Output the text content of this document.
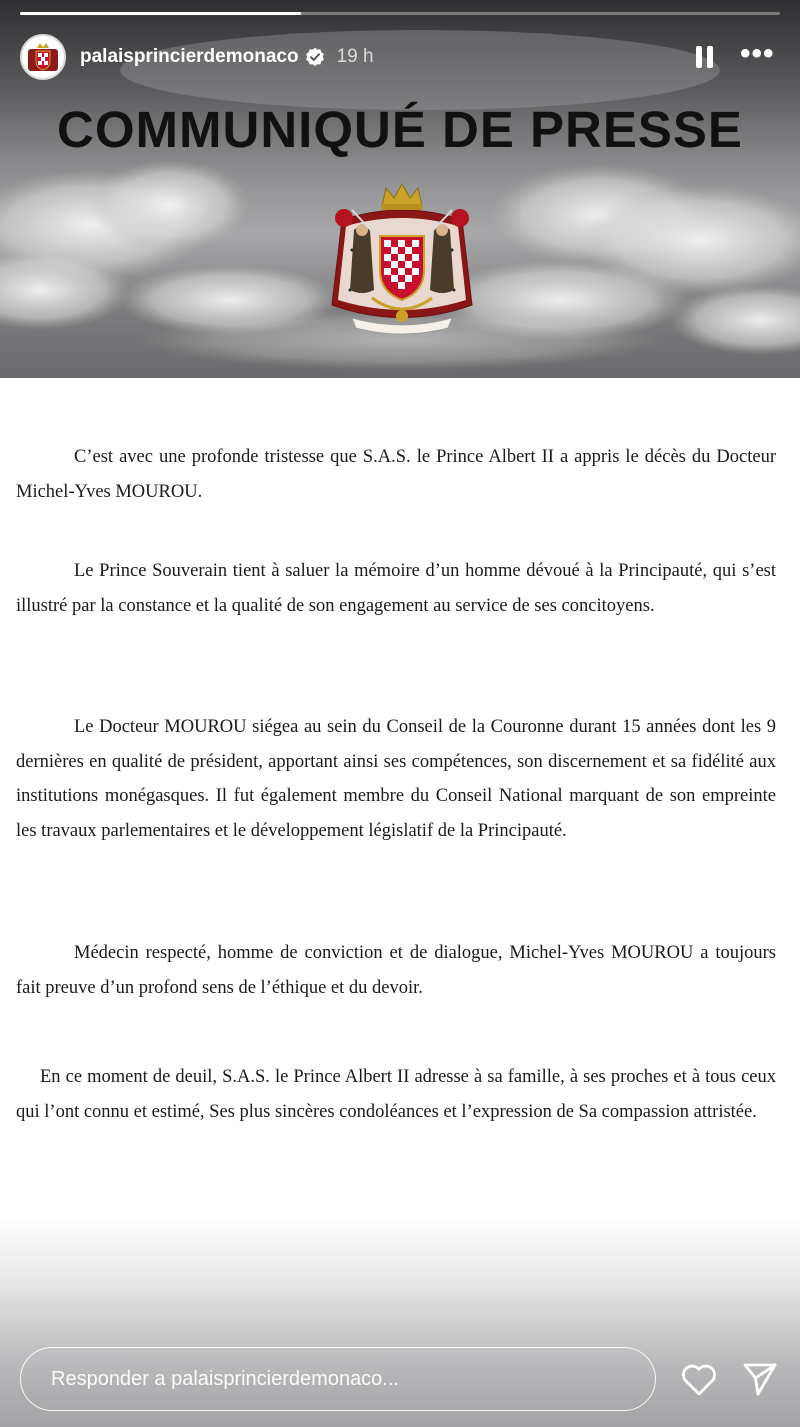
palaisprincierdemonaco 19 h	•••
COMMUNIQUÉ DE PRESSE

C’est avec une profonde tristesse que S.A.S. le Prince Albert II a appris le décès du Docteur Michel-Yves MOUROU.

Le Prince Souverain tient à saluer la mémoire d’un homme dévoué à la Principauté, qui s’est illustré par la constance et la qualité de son engagement au service de ses concitoyens.

Le Docteur MOUROU siégea au sein du Conseil de la Couronne durant 15 années dont les 9 dernières en qualité de président, apportant ainsi ses compétences, son discernement et sa fidélité aux institutions monégasques. Il fut également membre du Conseil National marquant de son empreinte les travaux parlementaires et le développement législatif de la Principauté.

Médecin respecté, homme de conviction et de dialogue, Michel-Yves MOUROU a toujours fait preuve d’un profond sens de l’éthique et du devoir.

En ce moment de deuil, S.A.S. le Prince Albert II adresse à sa famille, à ses proches et à tous ceux qui l’ont connu et estimé, Ses plus sincères condoléances et l’expression de Sa compassion attristée.

Responder a palaisprincierdemonaco...
